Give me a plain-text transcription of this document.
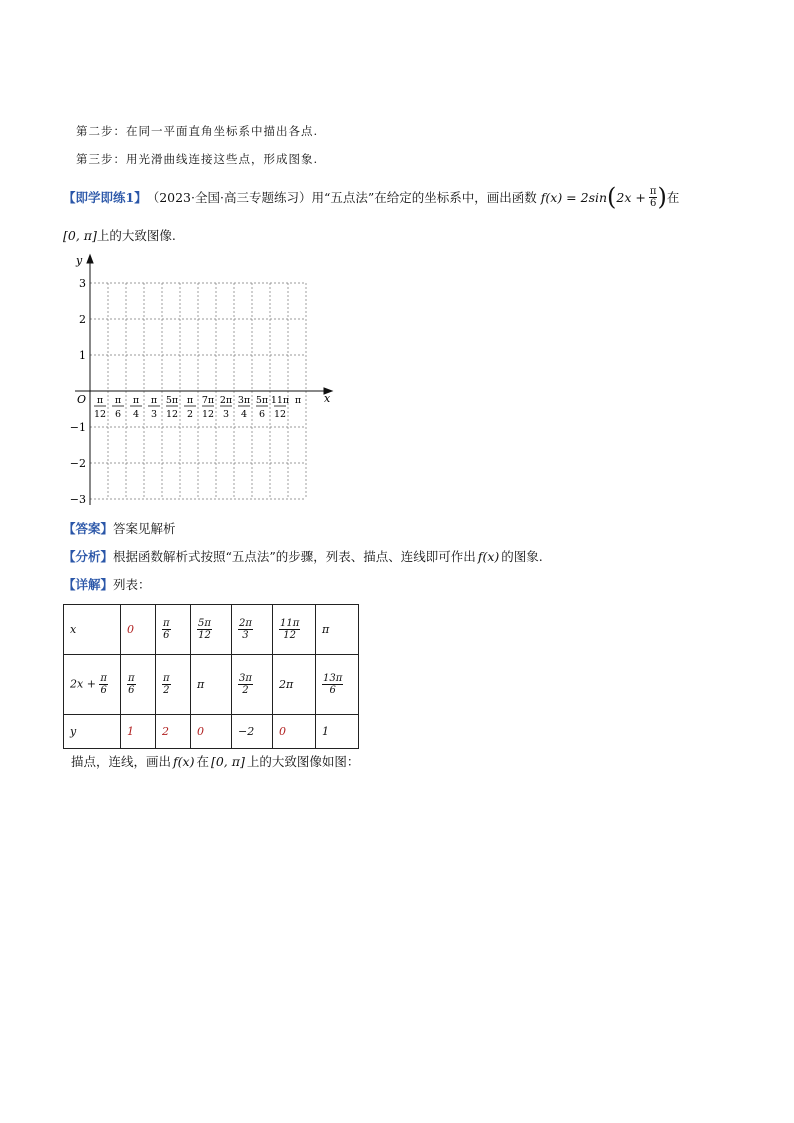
第二步：在同一平面直角坐标系中描出各点.
第三步：用光滑曲线连接这些点，形成图象.
【即学即练1】 （2023·全国·高三专题练习） 用“五点法”在给定的坐标系中，画出函数 f(x) = 2sin ( $2x + \frac{\pi}{6}$ ) 在
[0, π]上的大致图像.
x
y
O
3
2
1
−1
−2
−3
π
12
π
6
π
4
π
3
5π
12
π
2
7π
12
2π
3
3π
4
5π
6
11π
12
π
【答案】答案见解析
【分析】根据函数解析式按照“五点法”的步骤，列表、描点、连线即可作出 f(x) 的图象.
【详解】列表：
x	0	$\frac{\pi}{6}$	$\frac{5\pi}{12}$	$\frac{2\pi}{3}$	$\frac{11\pi}{12}$	π
$2x + \frac{\pi}{6}$	$\frac{\pi}{6}$	$\frac{\pi}{2}$	π	$\frac{3\pi}{2}$	2π	$\frac{13\pi}{6}$

y	1	2	0	−2	0	1
描点，连线，画出 f(x) 在 [0, π] 上的大致图像如图：
